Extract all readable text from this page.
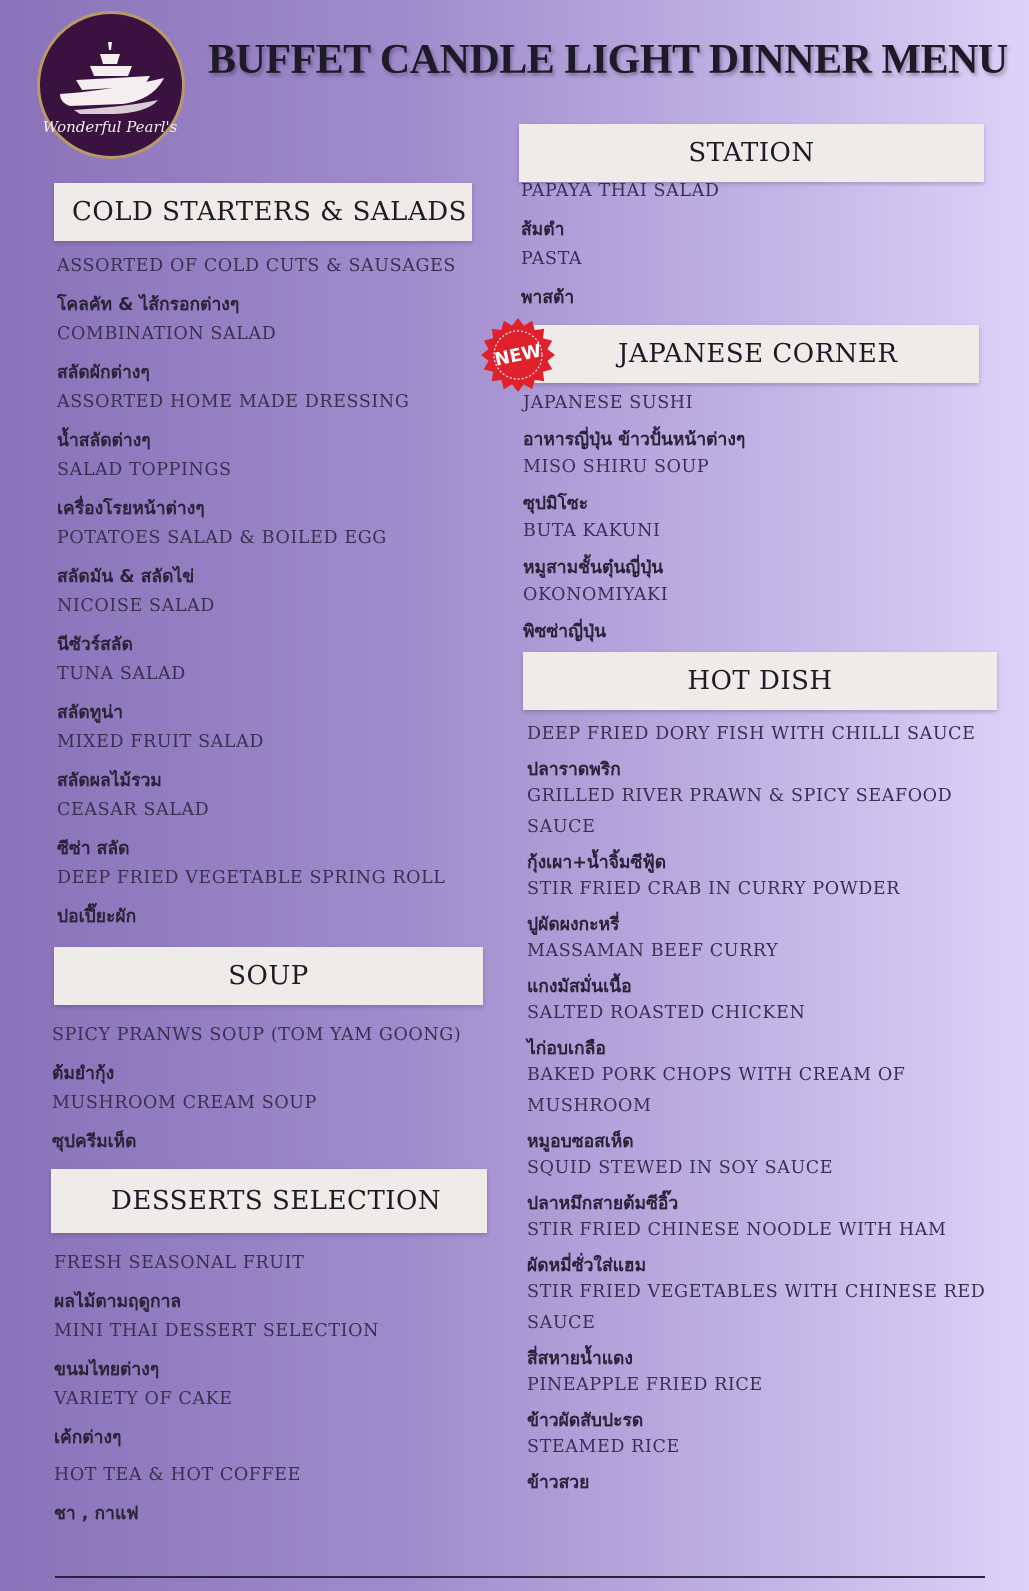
Wonderful Pearl's
BUFFET CANDLE LIGHT DINNER MENU
COLD STARTERS & SALADS
ASSORTED OF COLD CUTS & SAUSAGES
โคลคัท & ไส้กรอกต่างๆ
COMBINATION SALAD
สลัดผักต่างๆ
ASSORTED HOME MADE DRESSING
น้ำสลัดต่างๆ
SALAD TOPPINGS
เครื่องโรยหน้าต่างๆ
POTATOES SALAD & BOILED EGG
สลัดมัน & สลัดไข่
NICOISE SALAD
นีซัวร์สลัด
TUNA SALAD
สลัดทูน่า
MIXED FRUIT SALAD
สลัดผลไม้รวม
CEASAR SALAD
ซีซ่า สลัด
DEEP FRIED VEGETABLE SPRING ROLL
ปอเปี๊ยะผัก
SOUP
SPICY PRANWS SOUP (TOM YAM GOONG)
ต้มยำกุ้ง
MUSHROOM CREAM SOUP
ซุปครีมเห็ด
DESSERTS SELECTION
FRESH SEASONAL FRUIT
ผลไม้ตามฤดูกาล
MINI THAI DESSERT SELECTION
ขนมไทยต่างๆ
VARIETY OF CAKE
เค้กต่างๆ
HOT TEA & HOT COFFEE
ชา , กาแฟ
STATION
PAPAYA THAI SALAD
ส้มตำ
PASTA
พาสต้า
JAPANESE CORNER
NEW
JAPANESE SUSHI
อาหารญี่ปุ่น ข้าวปั้นหน้าต่างๆ
MISO SHIRU SOUP
ซุปมิโซะ
BUTA KAKUNI
หมูสามชั้นตุ๋นญี่ปุ่น
OKONOMIYAKI
พิซซ่าญี่ปุ่น
HOT DISH
DEEP FRIED DORY FISH WITH CHILLI SAUCE
ปลาราดพริก
GRILLED RIVER PRAWN & SPICY SEAFOOD
SAUCE
กุ้งเผา+น้ำจิ้มซีฟู้ด
STIR FRIED CRAB IN CURRY POWDER
ปูผัดผงกะหรี่
MASSAMAN BEEF CURRY
แกงมัสมั่นเนื้อ
SALTED ROASTED CHICKEN
ไก่อบเกลือ
BAKED PORK CHOPS WITH CREAM OF
MUSHROOM
หมูอบซอสเห็ด
SQUID STEWED IN SOY SAUCE
ปลาหมึกสายต้มซีอิ๊ว
STIR FRIED CHINESE NOODLE WITH HAM
ผัดหมี่ซั่วใส่แฮม
STIR FRIED VEGETABLES WITH CHINESE RED
SAUCE
สี่สหายน้ำแดง
PINEAPPLE FRIED RICE
ข้าวผัดสับปะรด
STEAMED RICE
ข้าวสวย
